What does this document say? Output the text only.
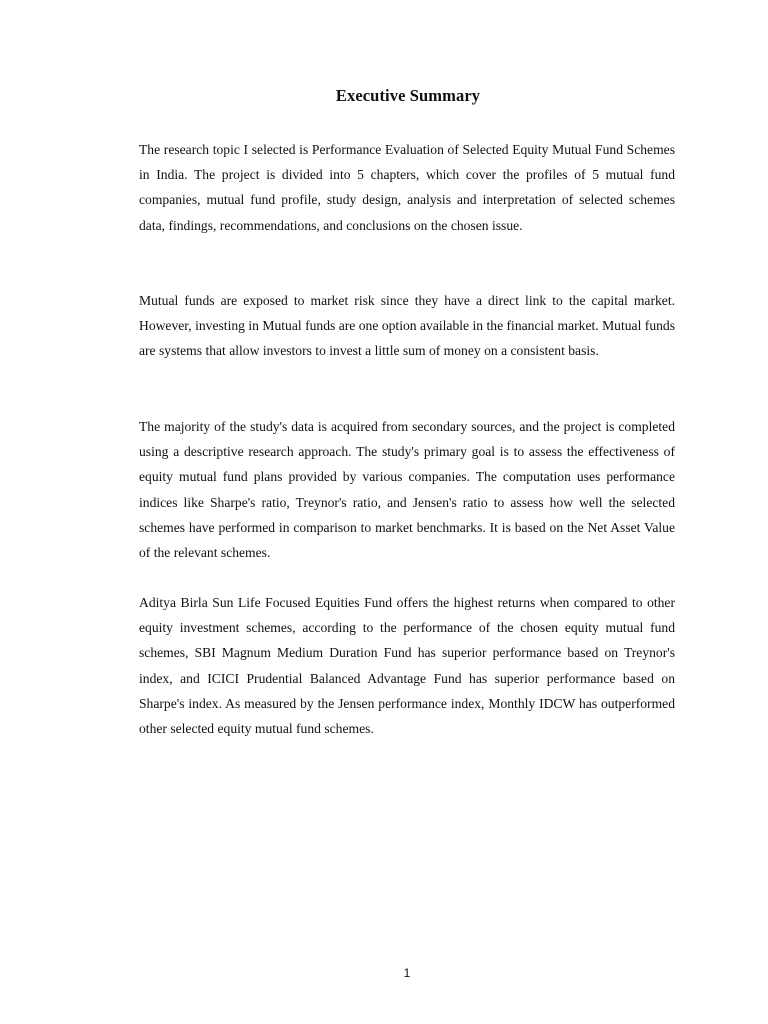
Executive Summary

The research topic I selected is Performance Evaluation of Selected Equity Mutual Fund Schemes in India. The project is divided into 5 chapters, which cover the profiles of 5 mutual fund companies, mutual fund profile, study design, analysis and interpretation of selected schemes data, findings, recommendations, and conclusions on the chosen issue.

Mutual funds are exposed to market risk since they have a direct link to the capital market. However, investing in Mutual funds are one option available in the financial market. Mutual funds are systems that allow investors to invest a little sum of money on a consistent basis.

The majority of the study's data is acquired from secondary sources, and the project is completed using a descriptive research approach. The study's primary goal is to assess the effectiveness of equity mutual fund plans provided by various companies. The computation uses performance indices like Sharpe's ratio, Treynor's ratio, and Jensen's ratio to assess how well the selected schemes have performed in comparison to market benchmarks. It is based on the Net Asset Value of the relevant schemes.

Aditya Birla Sun Life Focused Equities Fund offers the highest returns when compared to other equity investment schemes, according to the performance of the chosen equity mutual fund schemes, SBI Magnum Medium Duration Fund has superior performance based on Treynor's index, and ICICI Prudential Balanced Advantage Fund has superior performance based on Sharpe's index. As measured by the Jensen performance index, Monthly IDCW has outperformed other selected equity mutual fund schemes.

1
